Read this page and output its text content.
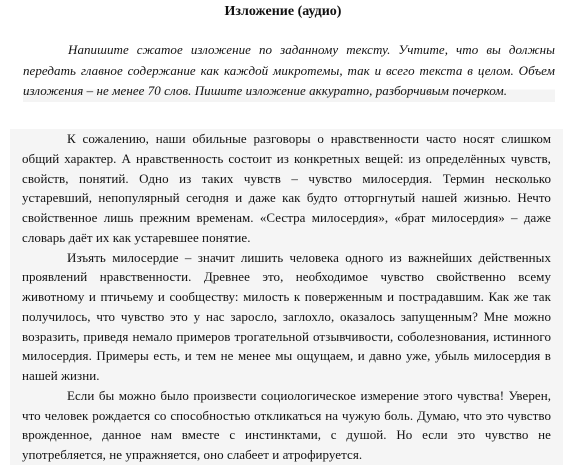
Изложение (аудио)

Напишите сжатое изложение по заданному тексту. Учтите, что вы должны передать главное содержание как каждой микротемы, так и всего текста в целом. Объем изложения – не менее 70 слов. Пишите изложение аккуратно, разборчивым почерком.

К сожалению, наши обильные разговоры о нравственности часто носят слишком общий характер. А нравственность состоит из конкретных вещей: из определённых чувств, свойств, понятий. Одно из таких чувств – чувство милосердия. Термин несколько устаревший, непопулярный сегодня и даже как будто отторгнутый нашей жизнью. Нечто свойственное лишь прежним временам. «Сестра милосердия», «брат милосердия» – даже словарь даёт их как устаревшее понятие.

Изъять милосердие – значит лишить человека одного из важнейших действенных проявлений нравственности. Древнее это, необходимое чувство свойственно всему животному и птичьему и сообществу: милость к поверженным и пострадавшим. Как же так получилось, что чувство это у нас заросло, заглохло, оказалось запущенным? Мне можно возразить, приведя немало примеров трогательной отзывчивости, соболезнования, истинного милосердия. Примеры есть, и тем не менее мы ощущаем, и давно уже, убыль милосердия в нашей жизни.

Если бы можно было произвести социологическое измерение этого чувства! Уверен, что человек рождается со способностью откликаться на чужую боль. Думаю, что это чувство врожденное, данное нам вместе с инстинктами, с душой. Но если это чувство не употребляется, не упражняется, оно слабеет и атрофируется.
